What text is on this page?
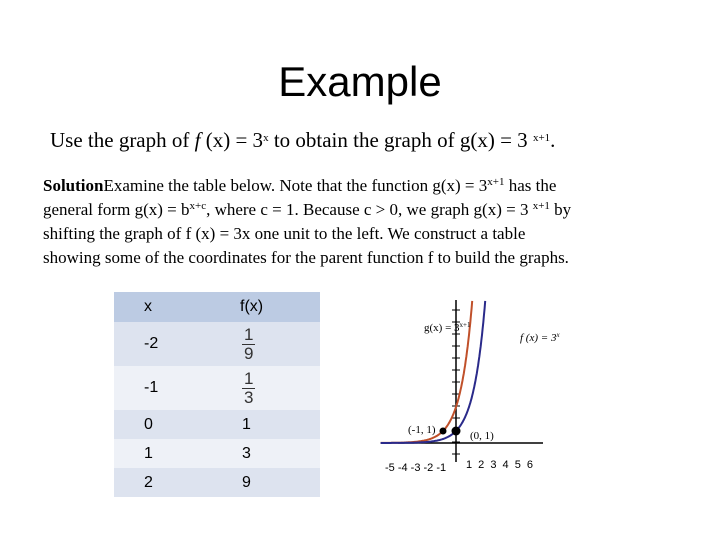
Example
Use the graph of f $(x) = 3^x$ to obtain the graph of g(x) = 3 $^{x+1}$.
SolutionExamine the table below. Note that the function $g(x) = 3^{x+1}$ has the
general form $g(x) = b^{x+c}$, where c = 1. Because c > 0, we graph g(x) = 3 $^{x+1}$ by
shifting the graph of f (x) = 3x one unit to the left. We construct a table
showing some of the coordinates for the parent function f to build the graphs.
x	f(x)
-2	$\frac{1}{9}$

-1	$\frac{1}{3}$

0	1
1	3
2	9
$g(x) = 3^{x+1}$
f $(x) = 3^x$
(-1, 1)	(0, 1)
-5 -4 -3 -2 -1 1 2 3 4 5 6
